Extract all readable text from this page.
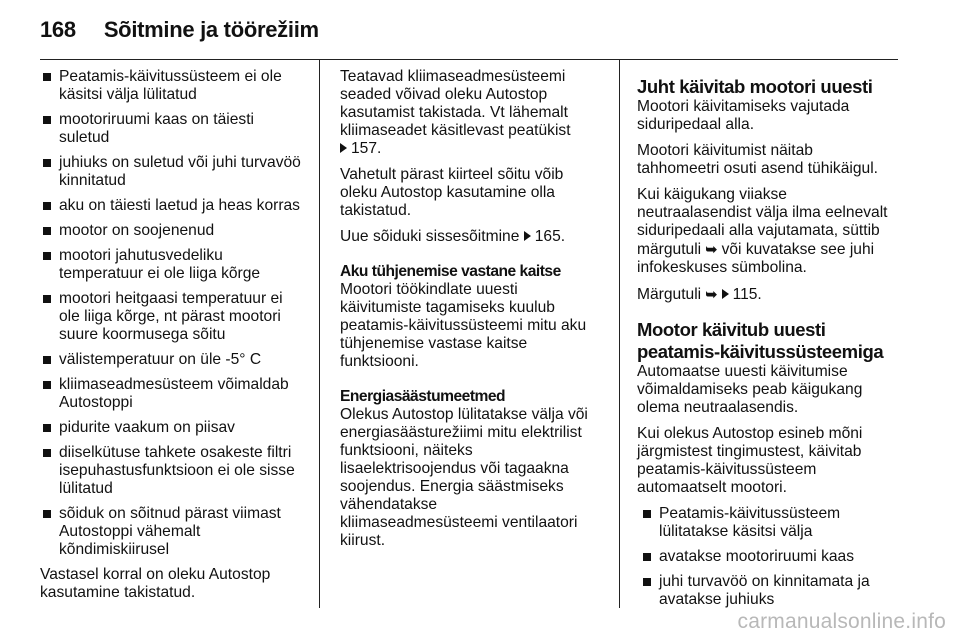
168 Sõitmine ja töörežiim
Peatamis-käivitussüsteem ei ole
käsitsi välja lülitatud
mootoriruumi kaas on täiesti
suletud
juhiuks on suletud või juhi turvavöö
kinnitatud
aku on täiesti laetud ja heas korras
mootor on soojenenud
mootori jahutusvedeliku
temperatuur ei ole liiga kõrge
mootori heitgaasi temperatuur ei
ole liiga kõrge, nt pärast mootori
suure koormusega sõitu
välistemperatuur on üle -5° C
kliimaseadmesüsteem võimaldab
Autostoppi
pidurite vaakum on piisav
diiselkütuse tahkete osakeste filtri
isepuhastusfunktsioon ei ole sisse
lülitatud
sõiduk on sõitnud pärast viimast
Autostoppi vähemalt
kõndimiskiirusel

Vastasel korral on oleku Autostop
kasutamine takistatud.

Teatavad kliimaseadmesüsteemi
seaded võivad oleku Autostop
kasutamist takistada. Vt lähemalt
kliimaseadet käsitlevast peatükist
157.

Vahetult pärast kiirteel sõitu võib
oleku Autostop kasutamine olla
takistatud.

Uue sõiduki sissesõitmine 165.

Aku tühjenemise vastane kaitse

Mootori töökindlate uuesti
käivitumiste tagamiseks kuulub
peatamis-käivitussüsteemi mitu aku
tühjenemise vastase kaitse
funktsiooni.

Energiasäästumeetmed

Olekus Autostop lülitatakse välja või
energiasäästurežiimi mitu elektrilist
funktsiooni, näiteks
lisaelektrisoojendus või tagaakna
soojendus. Energia säästmiseks
vähendatakse
kliimaseadmesüsteemi ventilaatori
kiirust.

Juht käivitab mootori uuesti

Mootori käivitamiseks vajutada
siduripedaal alla.

Mootori käivitumist näitab
tahhomeetri osuti asend tühikäigul.

Kui käigukang viiakse
neutraalasendist välja ilma eelnevalt
siduripedaali alla vajutamata, süttib
märgutuli ➥ või kuvatakse see juhi
infokeskuses sümbolina.

Märgutuli ➥ 115.

Mootor käivitub uuesti
peatamis-käivitussüsteemiga

Automaatse uuesti käivitumise
võimaldamiseks peab käigukang
olema neutraalasendis.

Kui olekus Autostop esineb mõni
järgmistest tingimustest, käivitab
peatamis-käivitussüsteem
automaatselt mootori.

Peatamis-käivitussüsteem
lülitatakse käsitsi välja
avatakse mootoriruumi kaas
juhi turvavöö on kinnitamata ja
avatakse juhiuks
carmanualsonline.info
